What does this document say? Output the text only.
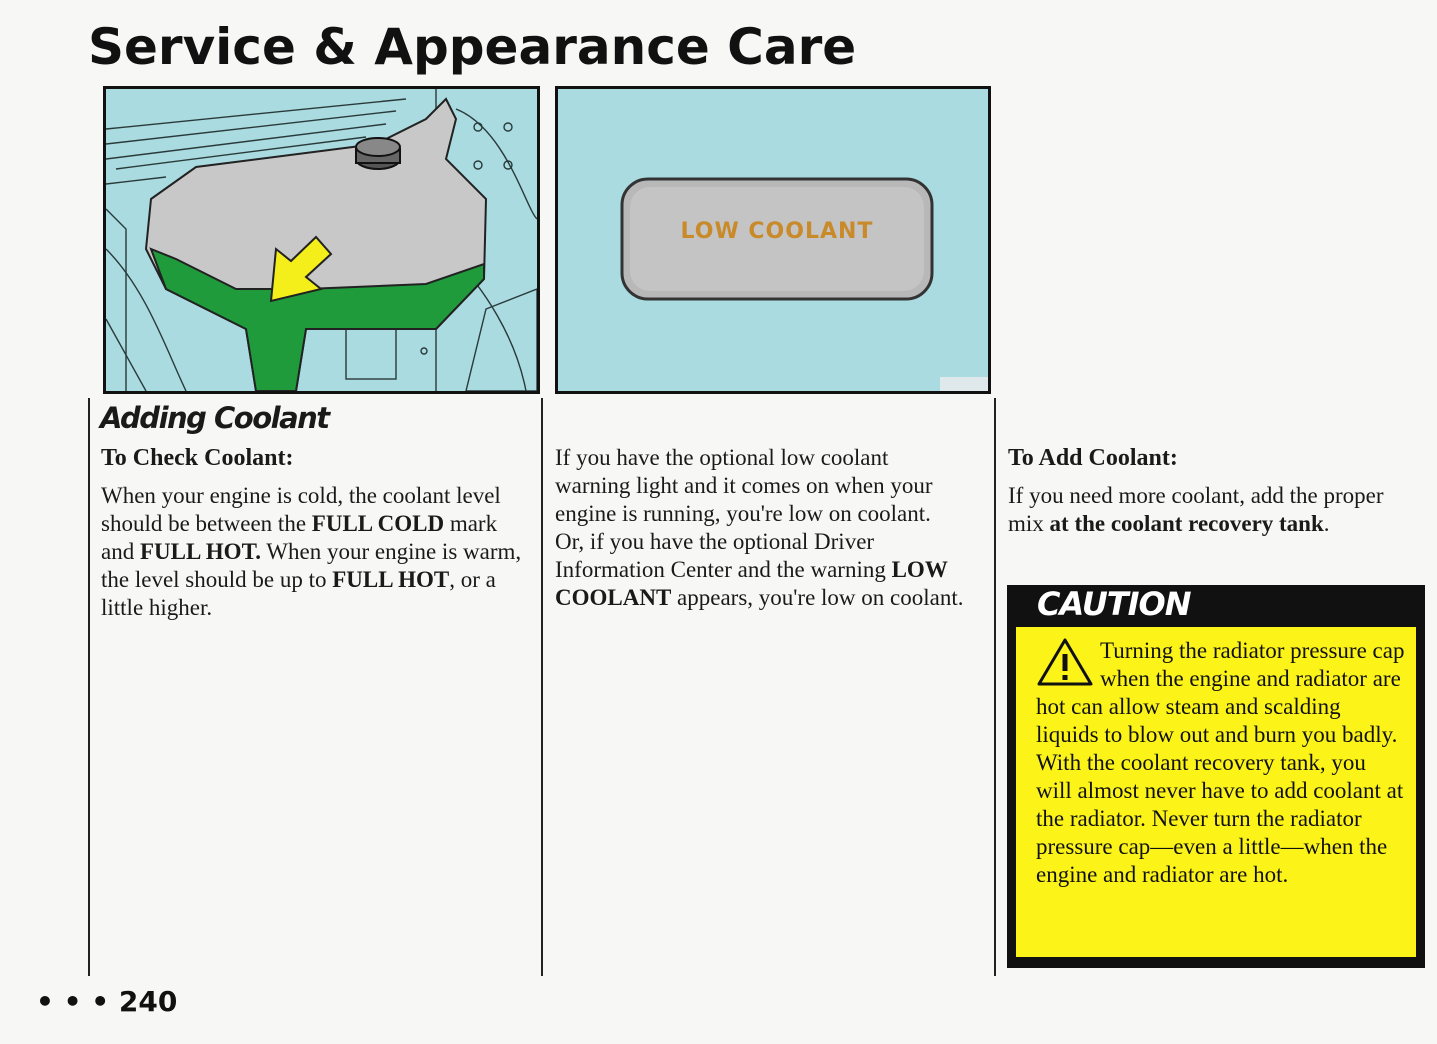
Service & Appearance Care
LOW COOLANT
Adding Coolant
To Check Coolant:

When your engine is cold, the coolant level should be between the FULL COLD mark and FULL HOT. When your engine is warm, the level should be up to FULL HOT, or a little higher.

If you have the optional low coolant warning light and it comes on when your engine is running, you're low on coolant. Or, if you have the optional Driver Information Center and the warning LOW COOLANT appears, you're low on coolant.

To Add Coolant:

If you need more coolant, add the proper mix at the coolant recovery tank.

CAUTION
Turning the radiator pressure cap when the engine and radiator are hot can allow steam and scalding liquids to blow out and burn you badly. With the coolant recovery tank, you will almost never have to add coolant at the radiator. Never turn the radiator pressure cap—even a little—when the engine and radiator are hot.
• • • 240
